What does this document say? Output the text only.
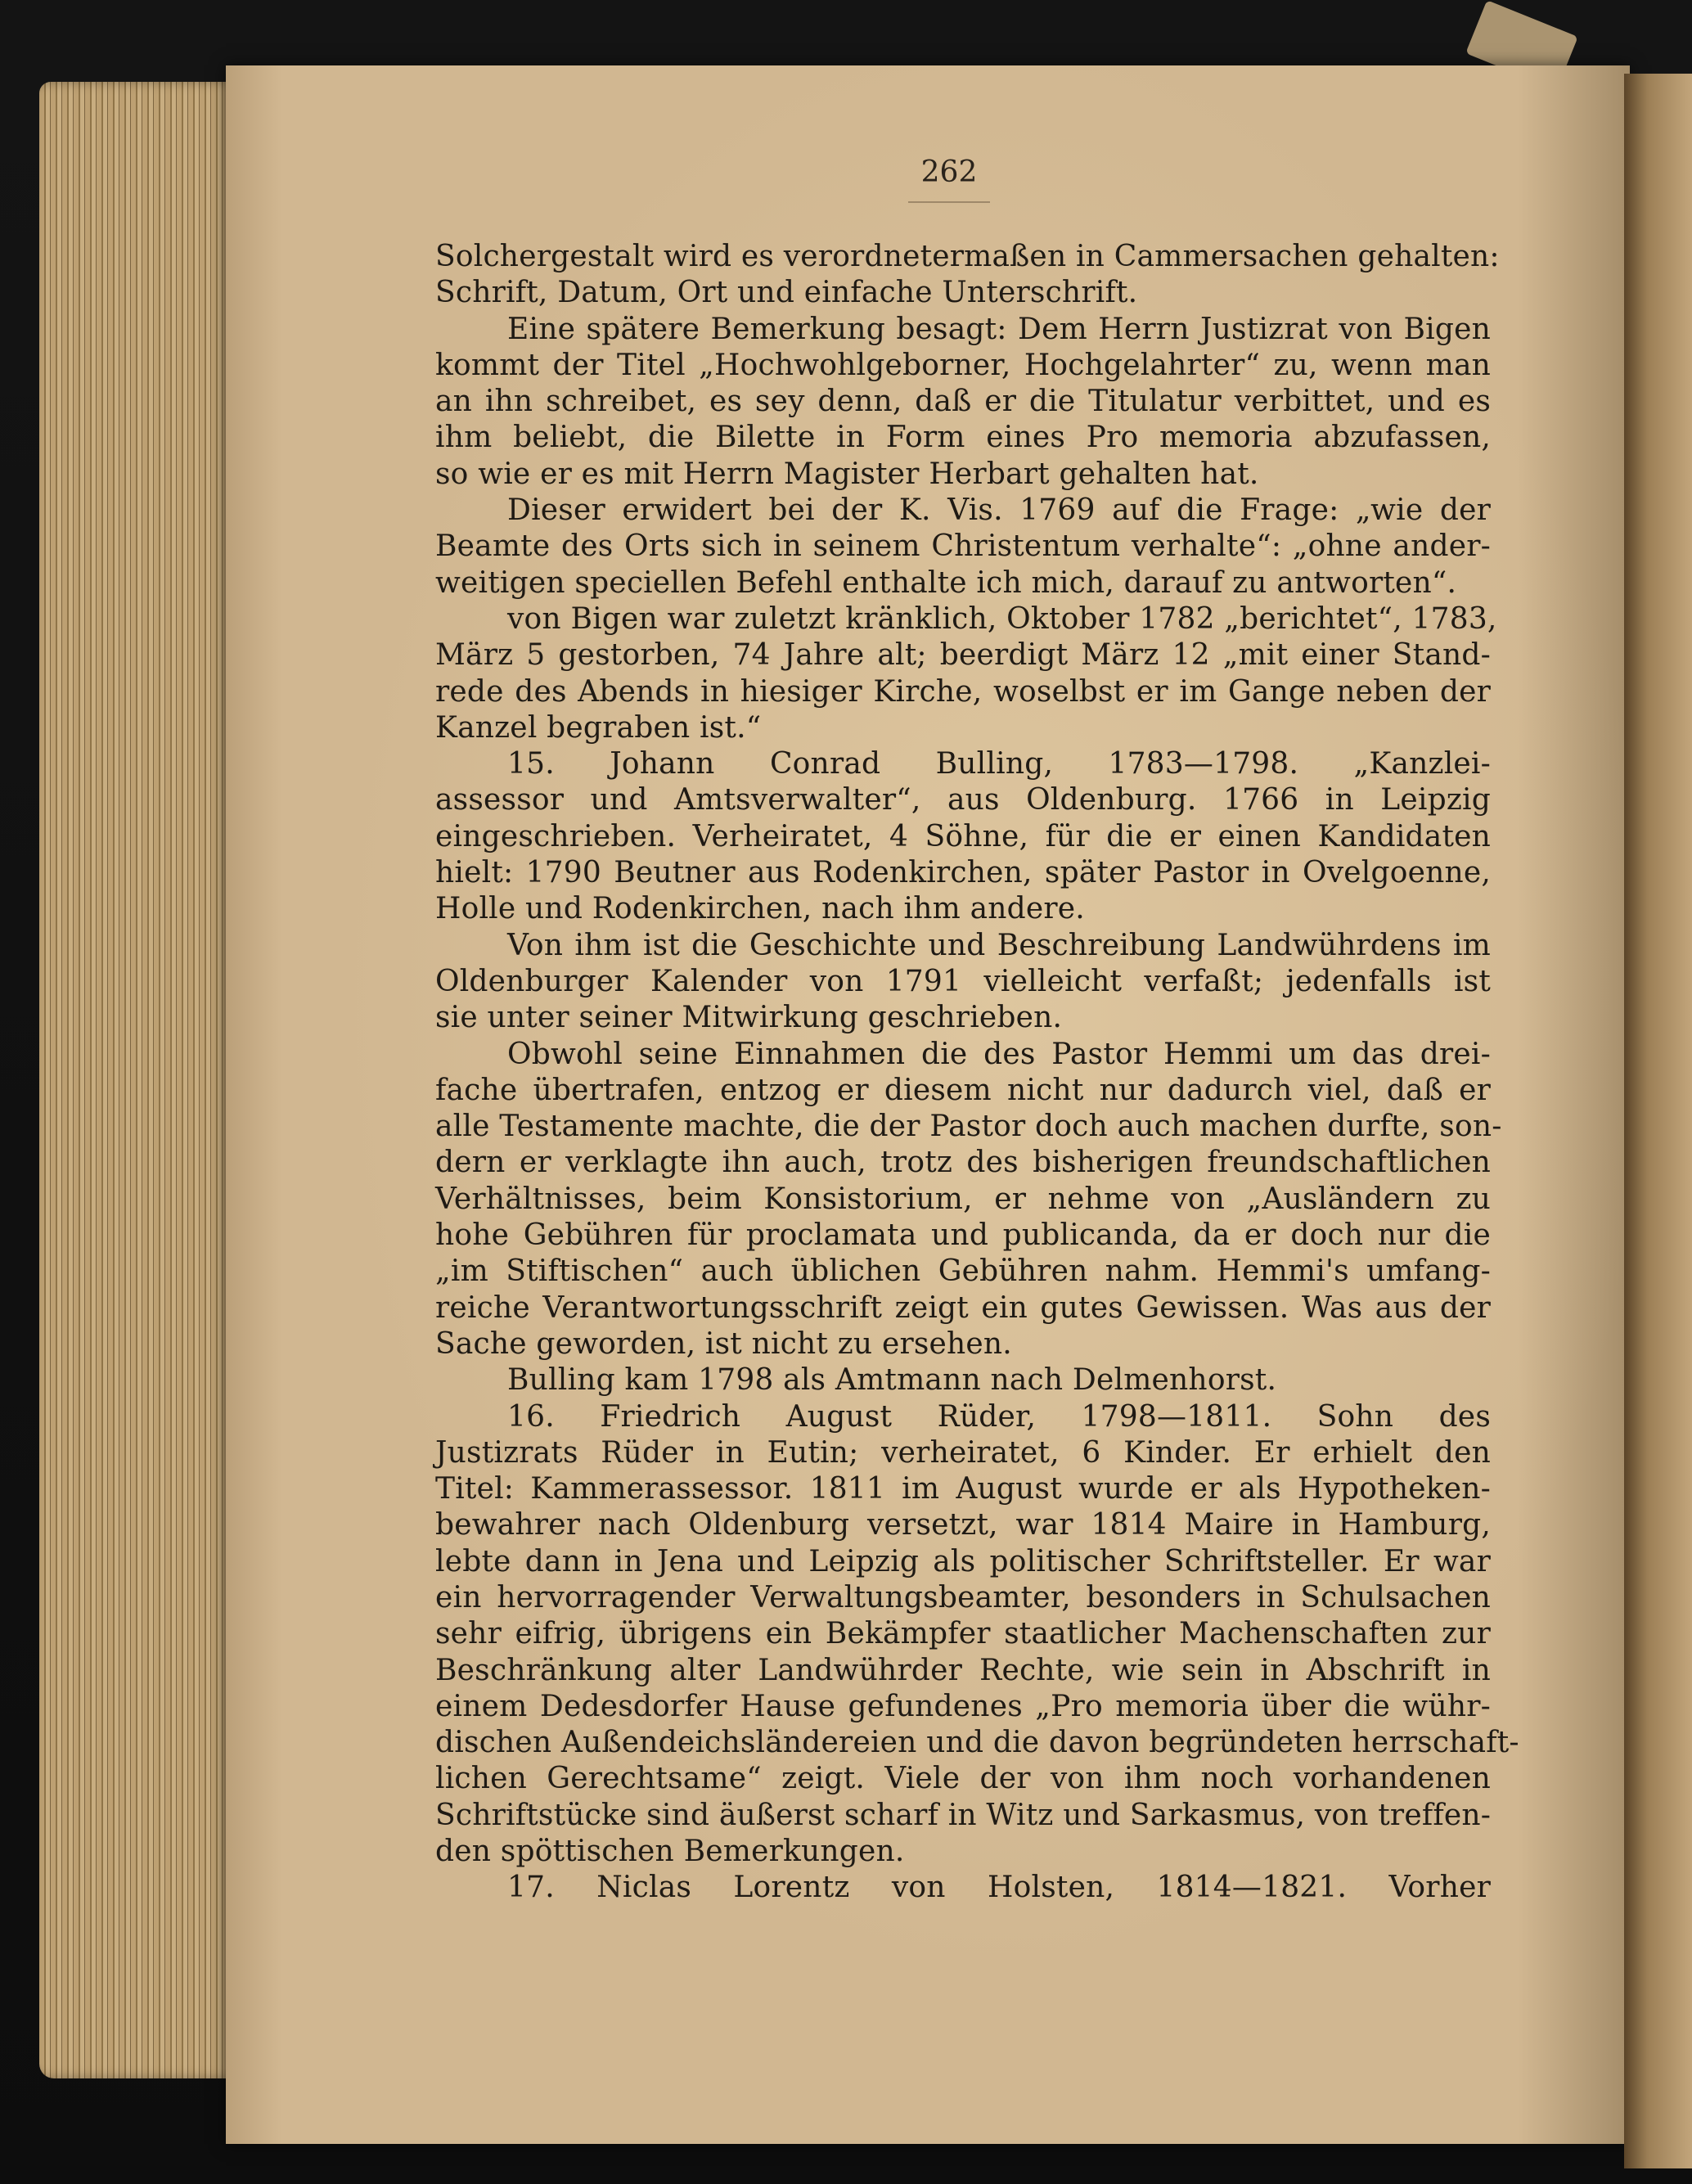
262
Solchergestalt wird es verordnetermaßen in Cammersachen gehalten:
Schrift, Datum, Ort und einfache Unterschrift.
Eine spätere Bemerkung besagt: Dem Herrn Justizrat von Bigen
kommt der Titel „Hochwohlgeborner, Hochgelahrter“ zu, wenn man
an ihn schreibet, es sey denn, daß er die Titulatur verbittet, und es
ihm beliebt, die Bilette in Form eines Pro memoria abzufassen,
so wie er es mit Herrn Magister Herbart gehalten hat.
Dieser erwidert bei der K. Vis. 1769 auf die Frage: „wie der
Beamte des Orts sich in seinem Christentum verhalte“: „ohne ander-
weitigen speciellen Befehl enthalte ich mich, darauf zu antworten“.
von Bigen war zuletzt kränklich, Oktober 1782 „berichtet“, 1783,
März 5 gestorben, 74 Jahre alt; beerdigt März 12 „mit einer Stand-
rede des Abends in hiesiger Kirche, woselbst er im Gange neben der
Kanzel begraben ist.“
15. Johann Conrad Bulling, 1783—1798. „Kanzlei-
assessor und Amtsverwalter“, aus Oldenburg. 1766 in Leipzig
eingeschrieben. Verheiratet, 4 Söhne, für die er einen Kandidaten
hielt: 1790 Beutner aus Rodenkirchen, später Pastor in Ovelgoenne,
Holle und Rodenkirchen, nach ihm andere.
Von ihm ist die Geschichte und Beschreibung Landwührdens im
Oldenburger Kalender von 1791 vielleicht verfaßt; jedenfalls ist
sie unter seiner Mitwirkung geschrieben.
Obwohl seine Einnahmen die des Pastor Hemmi um das drei-
fache übertrafen, entzog er diesem nicht nur dadurch viel, daß er
alle Testamente machte, die der Pastor doch auch machen durfte, son-
dern er verklagte ihn auch, trotz des bisherigen freundschaftlichen
Verhältnisses, beim Konsistorium, er nehme von „Ausländern zu
hohe Gebühren für proclamata und publicanda, da er doch nur die
„im Stiftischen“ auch üblichen Gebühren nahm. Hemmi's umfang-
reiche Verantwortungsschrift zeigt ein gutes Gewissen. Was aus der
Sache geworden, ist nicht zu ersehen.
Bulling kam 1798 als Amtmann nach Delmenhorst.
16. Friedrich August Rüder, 1798—1811. Sohn des
Justizrats Rüder in Eutin; verheiratet, 6 Kinder. Er erhielt den
Titel: Kammerassessor. 1811 im August wurde er als Hypotheken-
bewahrer nach Oldenburg versetzt, war 1814 Maire in Hamburg,
lebte dann in Jena und Leipzig als politischer Schriftsteller. Er war
ein hervorragender Verwaltungsbeamter, besonders in Schulsachen
sehr eifrig, übrigens ein Bekämpfer staatlicher Machenschaften zur
Beschränkung alter Landwührder Rechte, wie sein in Abschrift in
einem Dedesdorfer Hause gefundenes „Pro memoria über die wühr-
dischen Außendeichsländereien und die davon begründeten herrschaft-
lichen Gerechtsame“ zeigt. Viele der von ihm noch vorhandenen
Schriftstücke sind äußerst scharf in Witz und Sarkasmus, von treffen-
den spöttischen Bemerkungen.
17. Niclas Lorentz von Holsten, 1814—1821. Vorher
